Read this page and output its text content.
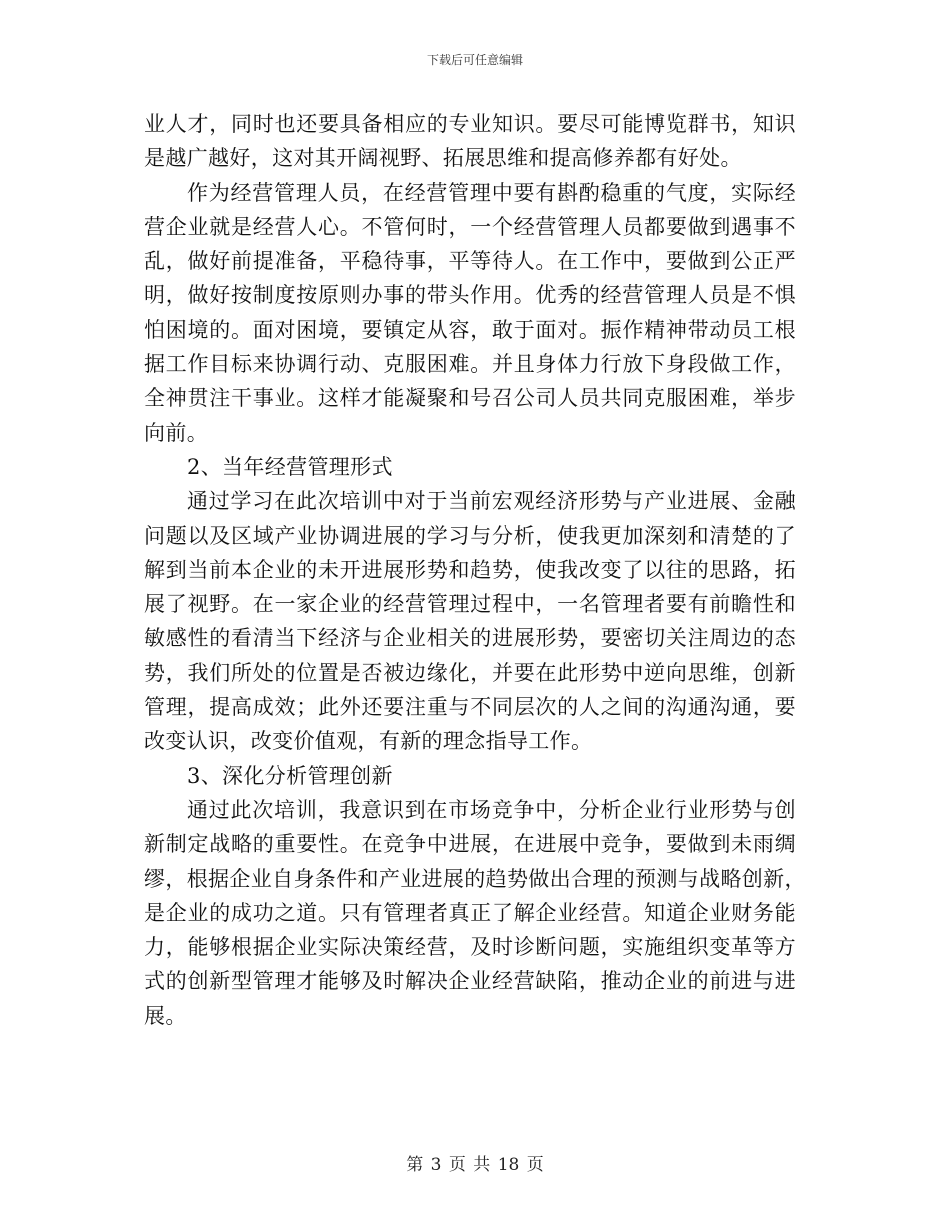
下载后可任意编辑
业人才，同时也还要具备相应的专业知识。要尽可能博览群书，知识
是越广越好，这对其开阔视野、拓展思维和提高修养都有好处。
作为经营管理人员，在经营管理中要有斟酌稳重的气度，实际经
营企业就是经营人心。不管何时，一个经营管理人员都要做到遇事不
乱，做好前提准备，平稳待事，平等待人。在工作中，要做到公正严
明，做好按制度按原则办事的带头作用。优秀的经营管理人员是不惧
怕困境的。面对困境，要镇定从容，敢于面对。振作精神带动员工根
据工作目标来协调行动、克服困难。并且身体力行放下身段做工作，
全神贯注干事业。这样才能凝聚和号召公司人员共同克服困难，举步
向前。
2、当年经营管理形式
通过学习在此次培训中对于当前宏观经济形势与产业进展、金融
问题以及区域产业协调进展的学习与分析，使我更加深刻和清楚的了
解到当前本企业的未开进展形势和趋势，使我改变了以往的思路，拓
展了视野。在一家企业的经营管理过程中，一名管理者要有前瞻性和
敏感性的看清当下经济与企业相关的进展形势，要密切关注周边的态
势，我们所处的位置是否被边缘化，并要在此形势中逆向思维，创新
管理，提高成效；此外还要注重与不同层次的人之间的沟通沟通，要
改变认识，改变价值观，有新的理念指导工作。
3、深化分析管理创新
通过此次培训，我意识到在市场竞争中，分析企业行业形势与创
新制定战略的重要性。在竞争中进展，在进展中竞争，要做到未雨绸
缪，根据企业自身条件和产业进展的趋势做出合理的预测与战略创新，
是企业的成功之道。只有管理者真正了解企业经营。知道企业财务能
力，能够根据企业实际决策经营，及时诊断问题，实施组织变革等方
式的创新型管理才能够及时解决企业经营缺陷，推动企业的前进与进
展。
第 3 页 共 18 页
